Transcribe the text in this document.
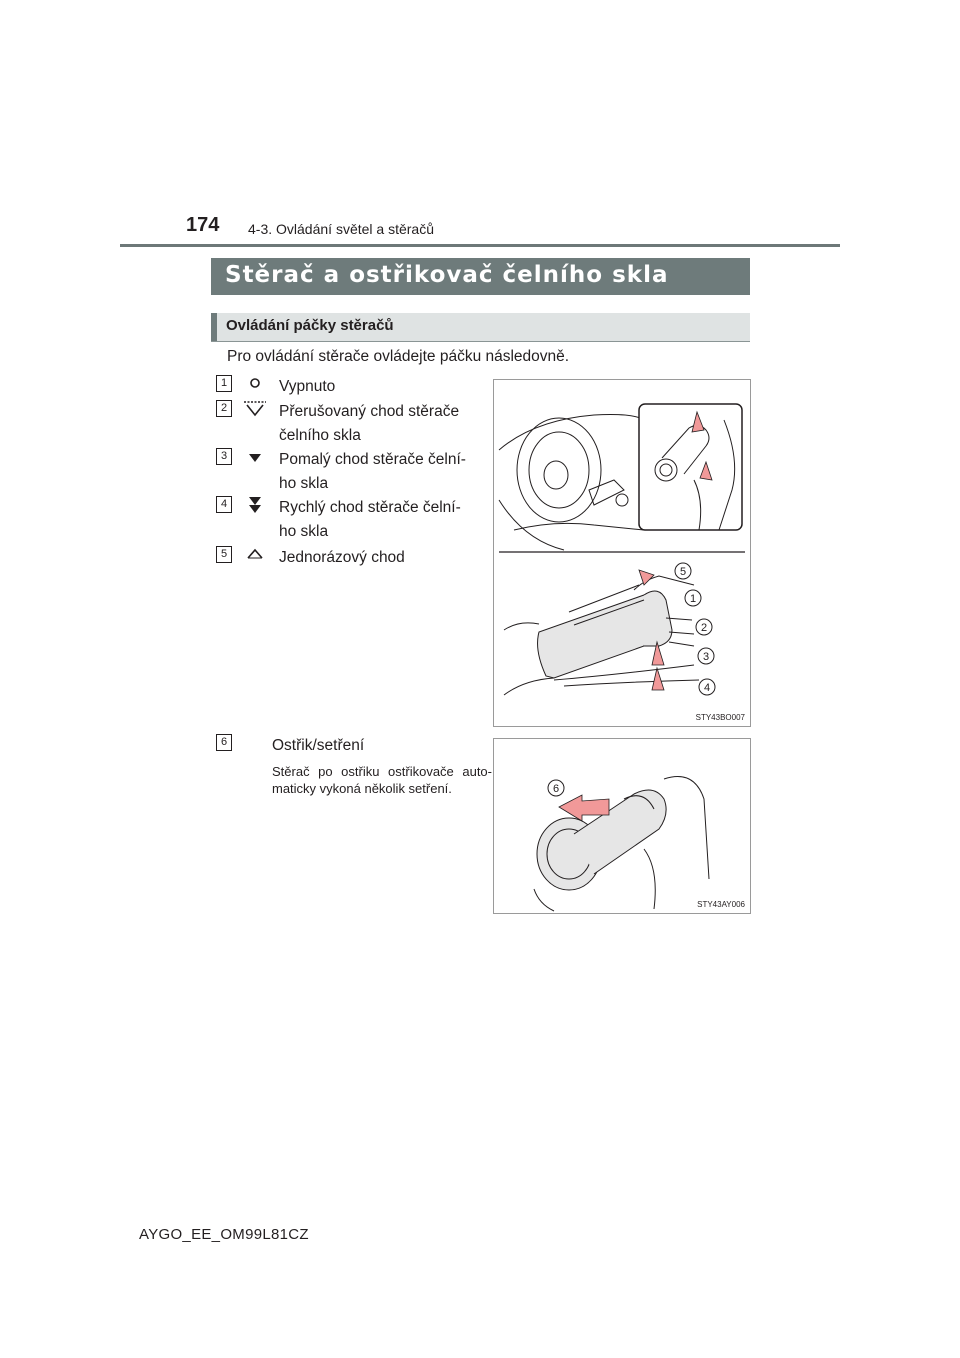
174 4-3. Ovládání světel a stěračů
Stěrač a ostřikovač čelního skla
Ovládání páčky stěračů
Pro ovládání stěrače ovládejte páčku následovně.
1	Vypnuto
2	Přerušovaný chod stěrače
čelního skla
3	Pomalý chod stěrače čelní-
ho skla
4	Rychlý chod stěrače čelní-
ho skla
5	Jednorázový chod
6	Ostřik/setření
Stěrač po ostřiku ostřikovače auto-maticky vykoná několik setření.
5
1
2
3
4
STY43BO007
6
STY43AY006
AYGO_EE_OM99L81CZ
